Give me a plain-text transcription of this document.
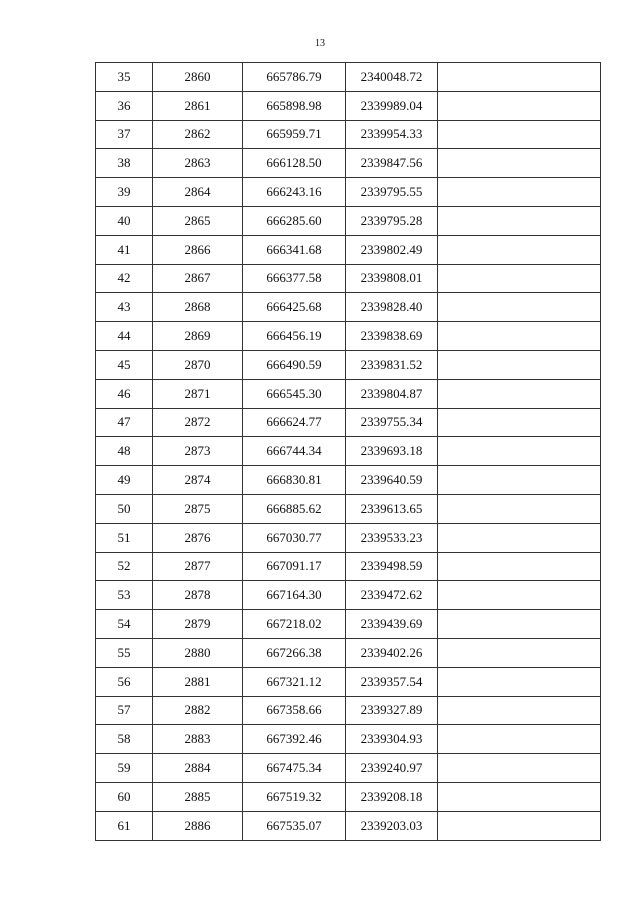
13
35	2860	665786.79	2340048.72	
36	2861	665898.98	2339989.04	
37	2862	665959.71	2339954.33	
38	2863	666128.50	2339847.56	
39	2864	666243.16	2339795.55	
40	2865	666285.60	2339795.28	
41	2866	666341.68	2339802.49	
42	2867	666377.58	2339808.01	
43	2868	666425.68	2339828.40	
44	2869	666456.19	2339838.69	
45	2870	666490.59	2339831.52	
46	2871	666545.30	2339804.87	
47	2872	666624.77	2339755.34	
48	2873	666744.34	2339693.18	
49	2874	666830.81	2339640.59	
50	2875	666885.62	2339613.65	
51	2876	667030.77	2339533.23	
52	2877	667091.17	2339498.59	
53	2878	667164.30	2339472.62	
54	2879	667218.02	2339439.69	
55	2880	667266.38	2339402.26	
56	2881	667321.12	2339357.54	
57	2882	667358.66	2339327.89	
58	2883	667392.46	2339304.93	
59	2884	667475.34	2339240.97	
60	2885	667519.32	2339208.18	
61	2886	667535.07	2339203.03	
